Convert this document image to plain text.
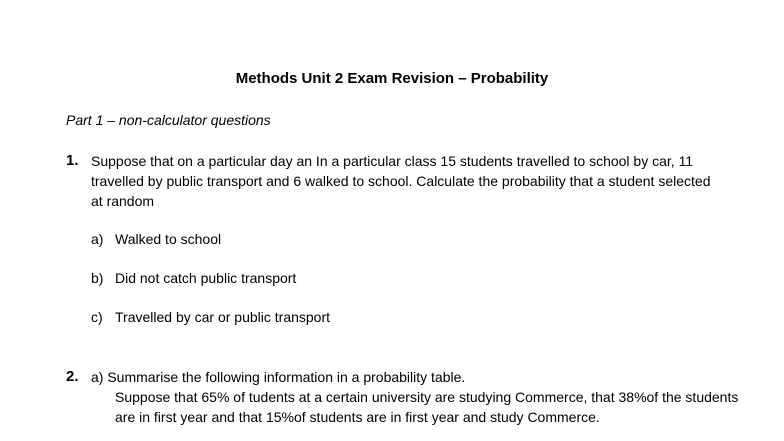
Methods Unit 2 Exam Revision – Probability
Part 1 – non-calculator questions
1. Suppose that on a particular day an In a particular class 15 students travelled to school by car, 11 travelled by public transport and 6 walked to school. Calculate the probability that a student selected at random
a) Walked to school
b) Did not catch public transport
c) Travelled by car or public transport
2. a) Summarise the following information in a probability table.
Suppose that 65% of tudents at a certain university are studying Commerce, that 38%of the students are in first year and that 15%of students are in first year and study Commerce.
